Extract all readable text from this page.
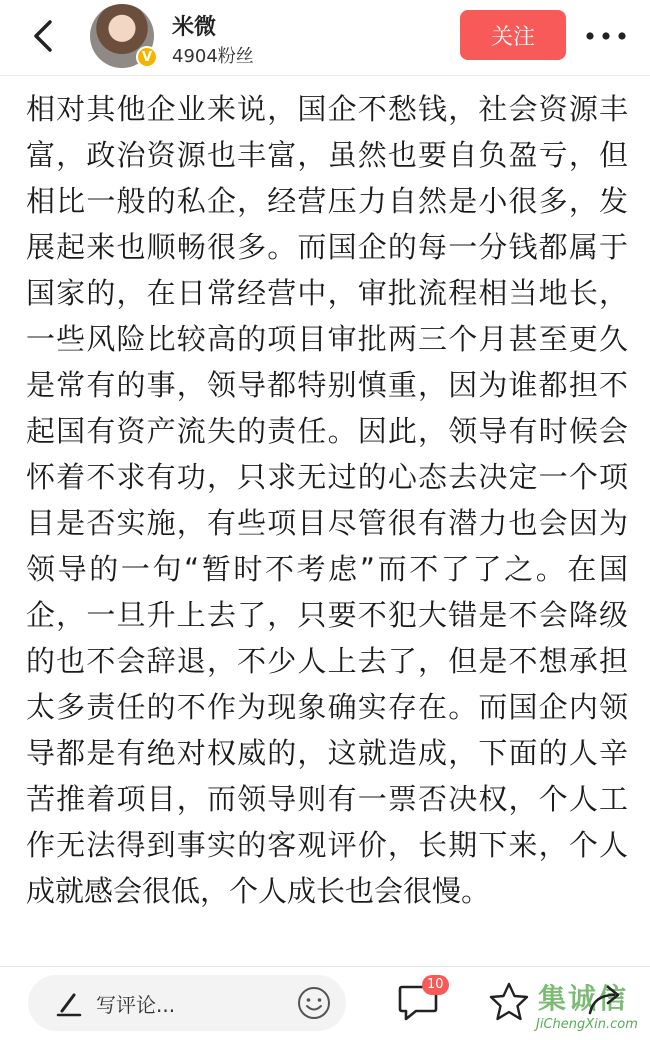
V
米微
4904粉丝
关注
相对其他企业来说，国企不愁钱，社会资源丰富，政治资源也丰富，虽然也要自负盈亏，但相比一般的私企，经营压力自然是小很多，发展起来也顺畅很多。而国企的每一分钱都属于国家的，在日常经营中，审批流程相当地长，一些风险比较高的项目审批两三个月甚至更久是常有的事，领导都特别慎重，因为谁都担不起国有资产流失的责任。因此，领导有时候会怀着不求有功，只求无过的心态去决定一个项目是否实施，有些项目尽管很有潜力也会因为领导的一句“暂时不考虑”而不了了之。在国企，一旦升上去了，只要不犯大错是不会降级的也不会辞退，不少人上去了，但是不想承担太多责任的不作为现象确实存在。而国企内领导都是有绝对权威的，这就造成，下面的人辛苦推着项目，而领导则有一票否决权，个人工作无法得到事实的客观评价，长期下来，个人成就感会很低，个人成长也会很慢。
写评论...
10	集诚信
JiChengXin.com
